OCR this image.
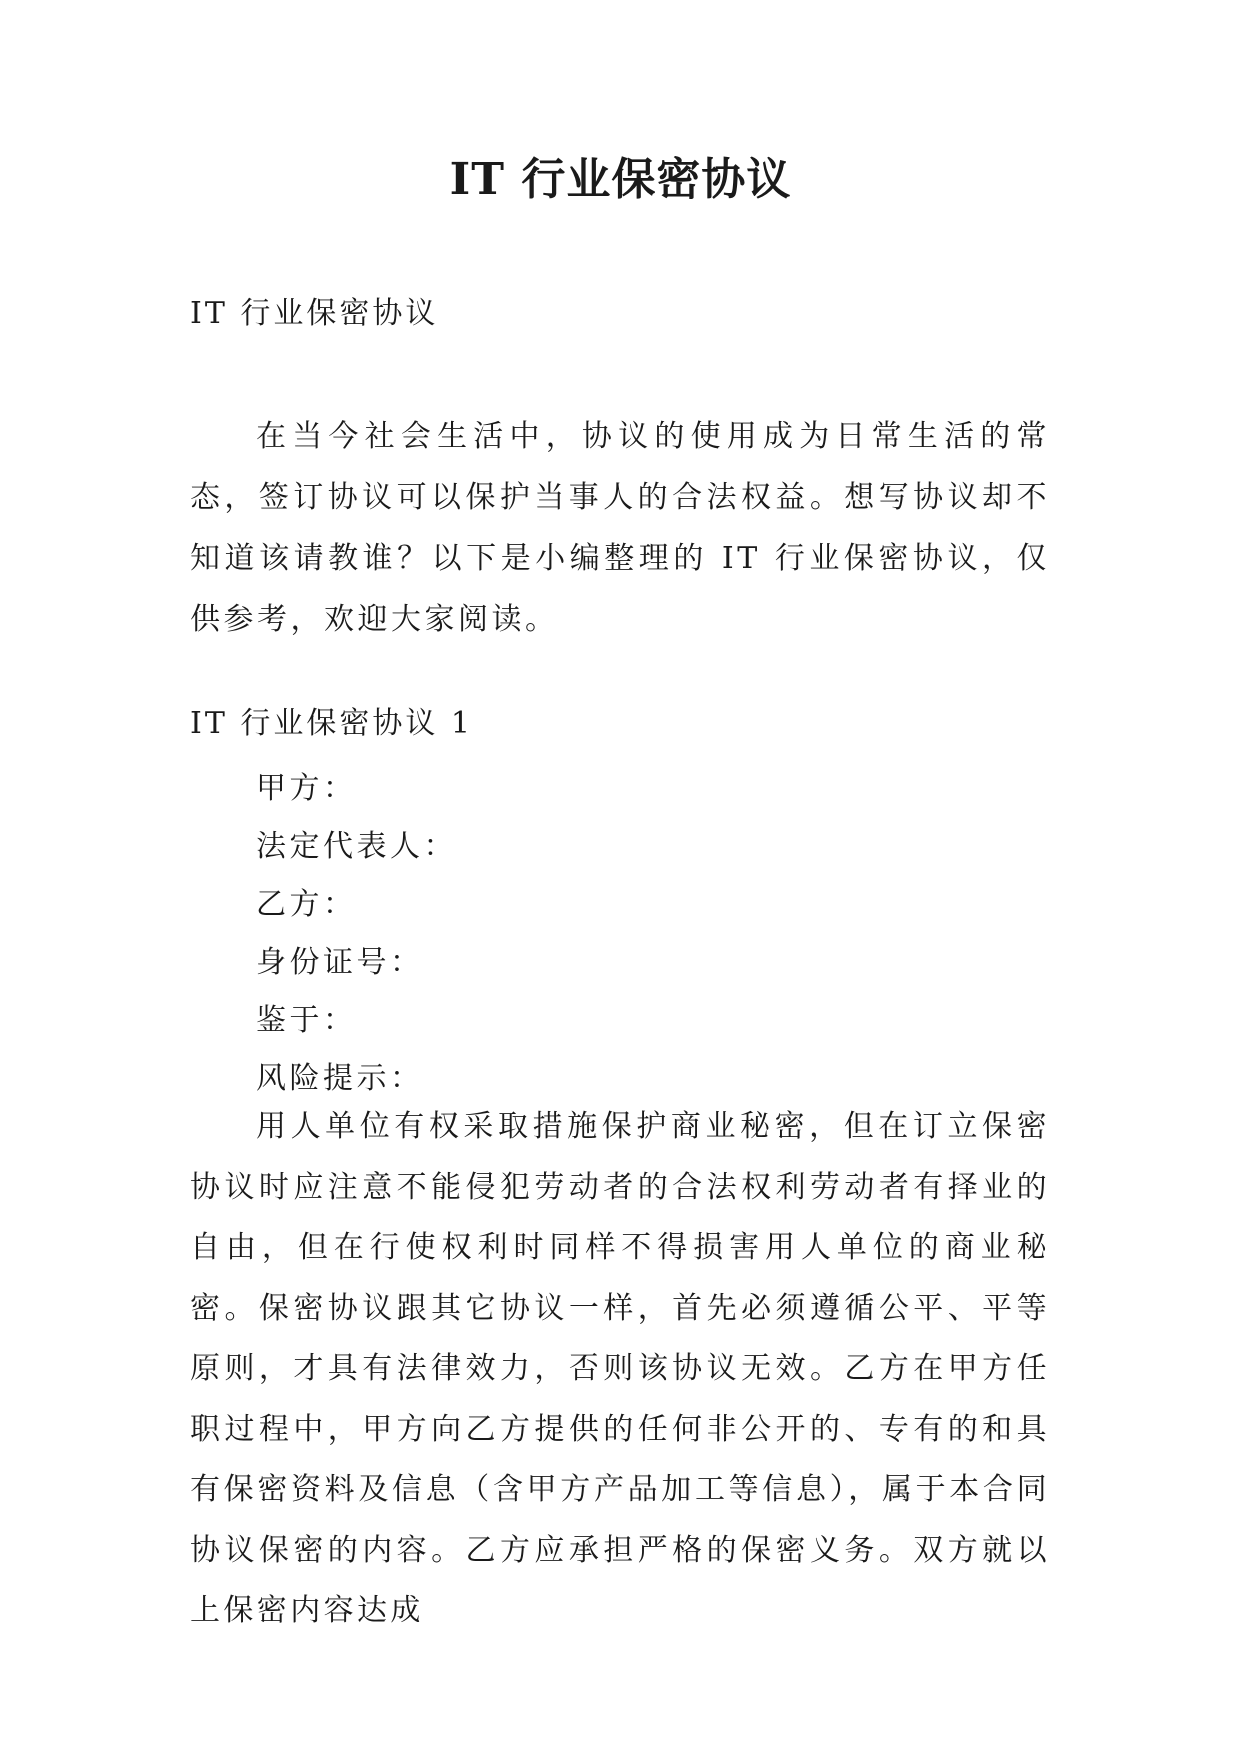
IT 行业保密协议

IT 行业保密协议

在当今社会生活中，协议的使用成为日常生活的常态，签订协议可以保护当事人的合法权益。想写协议却不知道该请教谁？以下是小编整理的 IT 行业保密协议，仅供参考，欢迎大家阅读。

IT 行业保密协议 1

甲方：
法定代表人：
乙方：
身份证号：
鉴于：
风险提示：

用人单位有权采取措施保护商业秘密，但在订立保密协议时应注意不能侵犯劳动者的合法权利劳动者有择业的自由，但在行使权利时同样不得损害用人单位的商业秘密。保密协议跟其它协议一样，首先必须遵循公平、平等原则，才具有法律效力，否则该协议无效。乙方在甲方任职过程中，甲方向乙方提供的任何非公开的、专有的和具有保密资料及信息（含甲方产品加工等信息），属于本合同协议保密的内容。乙方应承担严格的保密义务。双方就以上保密内容达成
